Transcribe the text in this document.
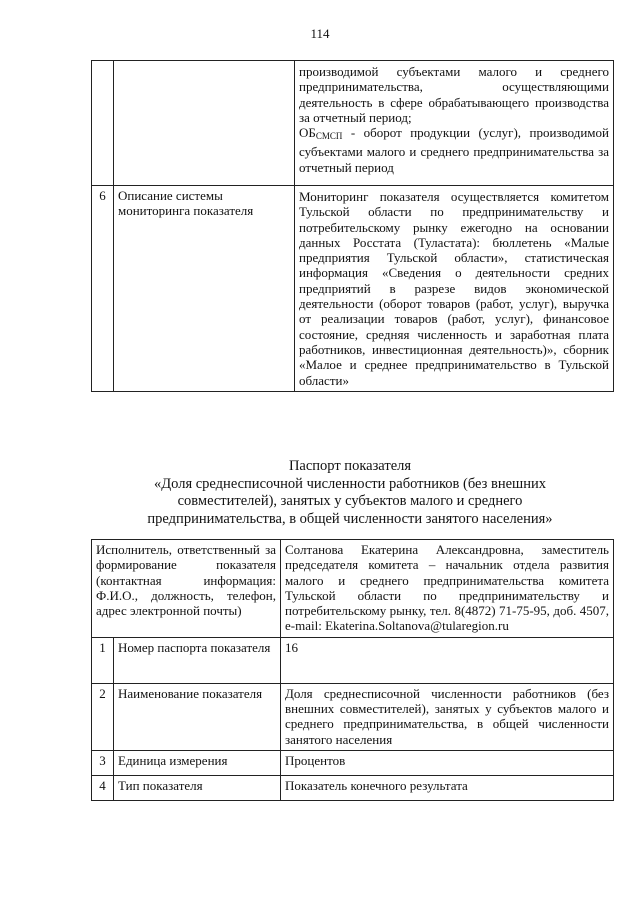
114

		производимой субъектами малого и среднего предпринимательства, осуществляющими деятельность в сфере обрабатывающего производства за отчетный период;
$ОБ_{СМСП}$ - оборот продукции (услуг), производимой субъектами малого и среднего предпринимательства за отчетный период

6	Описание системы мониторинга показателя	Мониторинг показателя осуществляется комитетом Тульской области по предпринимательству и потребительскому рынку ежегодно на основании данных Росстата (Туластата): бюллетень «Малые предприятия Тульской области», статистическая информация «Сведения о деятельности средних предприятий в разрезе видов экономической деятельности (оборот товаров (работ, услуг), выручка от реализации товаров (работ, услуг), финансовое состояние, средняя численность и заработная плата работников, инвестиционная деятельность)», сборник «Малое и среднее предпринимательство в Тульской области»
Паспорт показателя
«Доля среднесписочной численности работников (без внешних
совместителей), занятых у субъектов малого и среднего
предпринимательства, в общей численности занятого населения»
Исполнитель, ответственный за формирование показателя (контактная информация: Ф.И.О., должность, телефон, адрес электронной почты)		Солтанова Екатерина Александровна, заместитель председателя комитета – начальник отдела развития малого и среднего предпринимательства комитета Тульской области по предпринимательству и потребительскому рынку, тел. 8(4872) 71-75-95, доб. 4507, e-mail: Ekaterina.Soltanova@tularegion.ru
1	Номер паспорта показателя	16
2	Наименование показателя	Доля среднесписочной численности работников (без внешних совместителей), занятых у субъектов малого и среднего предпринимательства, в общей численности занятого населения
3	Единица измерения	Процентов
4	Тип показателя	Показатель конечного результата
